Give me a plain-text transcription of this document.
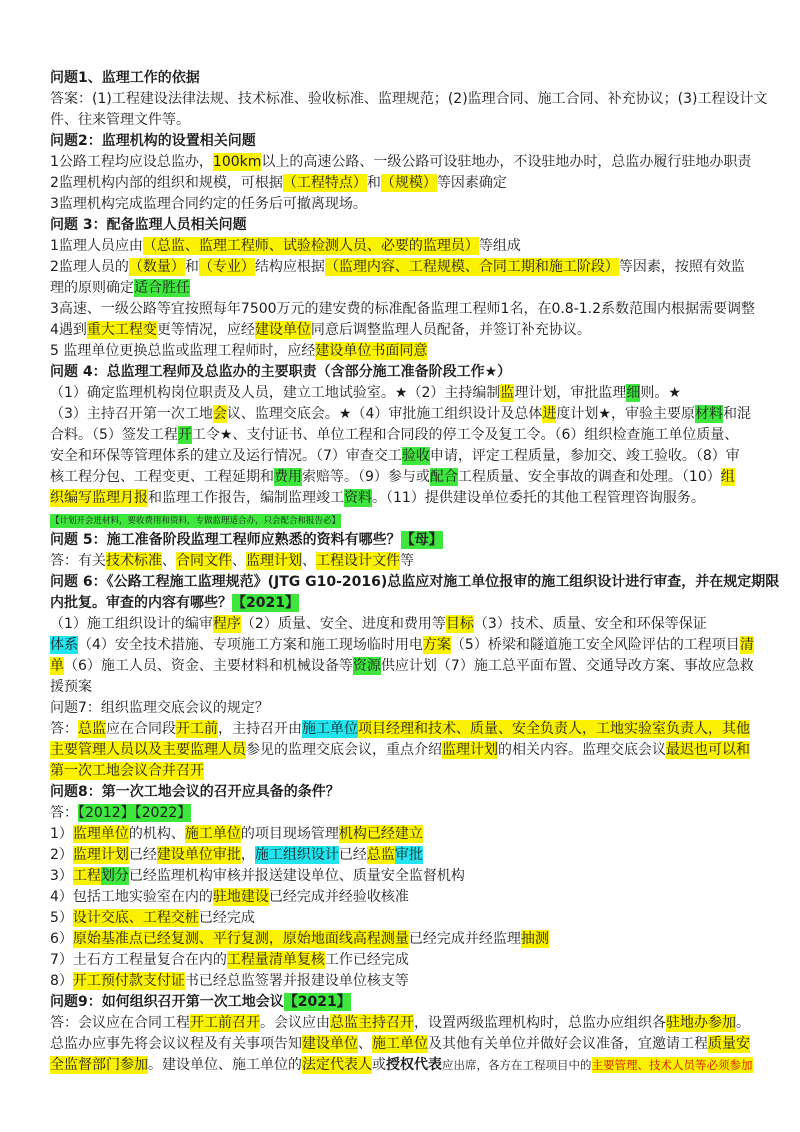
问题1、监理工作的依据
答案：(1)工程建设法律法规、技术标准、验收标准、监理规范；(2)监理合同、施工合同、补充协议；(3)工程设计文
件、往来管理文件等。
问题2：监理机构的设置相关问题
1公路工程均应设总监办，100km以上的高速公路、一级公路可设驻地办，不设驻地办时，总监办履行驻地办职责
2监理机构内部的组织和规模，可根据（工程特点）和（规模）等因素确定
3监理机构完成监理合同约定的任务后可撤离现场。
问题 3：配备监理人员相关问题
1监理人员应由（总监、监理工程师、试验检测人员、必要的监理员）等组成
2监理人员的（数量）和（专业）结构应根据（监理内容、工程规模、合同工期和施工阶段）等因素，按照有效监
理的原则确定适合胜任
3高速、一级公路等宜按照每年7500万元的建安费的标准配备监理工程师1名，在0.8-1.2系数范围内根据需要调整
4遇到重大工程变更等情况，应经建设单位同意后调整监理人员配备，并签订补充协议。
5 监理单位更换总监或监理工程师时，应经建设单位书面同意
问题 4：总监理工程师及总监办的主要职责（含部分施工准备阶段工作★）
（1）确定监理机构岗位职责及人员，建立工地试验室。★（2）主持编制监理计划，审批监理细则。★
（3）主持召开第一次工地会议、监理交底会。★（4）审批施工组织设计及总体进度计划★，审验主要原材料和混
合料。（5）签发工程开工令★、支付证书、单位工程和合同段的停工令及复工令。（6）组织检查施工单位质量、
安全和环保等管理体系的建立及运行情况。（7）审查交工验收申请，评定工程质量，参加交、竣工验收。（8）审
核工程分包、工程变更、工程延期和费用索赔等。（9）参与或配合工程质量、安全事故的调查和处理。（10）组
织编写监理月报和监理工作报告，编制监理竣工资料。（11）提供建设单位委托的其他工程管理咨询服务。
【计划开会进材料，要收费用和资料，专做监理适合办，只会配合和报告必】
问题 5：施工准备阶段监理工程师应熟悉的资料有哪些？【母】
答：有关技术标准、合同文件、监理计划、工程设计文件等
问题 6：《公路工程施工监理规范》(JTG G10-2016)总监应对施工单位报审的施工组织设计进行审查，并在规定期限
内批复。审查的内容有哪些？【2021】
（1）施工组织设计的编审程序（2）质量、安全、进度和费用等目标（3）技术、质量、安全和环保等保证
体系（4）安全技术措施、专项施工方案和施工现场临时用电方案（5）桥梁和隧道施工安全风险评估的工程项目清
单（6）施工人员、资金、主要材料和机械设备等资源供应计划（7）施工总平面布置、交通导改方案、事故应急救
援预案
问题7：组织监理交底会议的规定？
答：总监应在合同段开工前，主持召开由施工单位项目经理和技术、质量、安全负责人，工地实验室负责人，其他
主要管理人员以及主要监理人员参见的监理交底会议，重点介绍监理计划的相关内容。监理交底会议最迟也可以和
第一次工地会议合并召开
问题8：第一次工地会议的召开应具备的条件？
答：【2012】【2022】
1）监理单位的机构、施工单位的项目现场管理机构已经建立
2）监理计划已经建设单位审批，施工组织设计已经总监审批
3）工程划分已经监理机构审核并报送建设单位、质量安全监督机构
4）包括工地实验室在内的驻地建设已经完成并经验收核准
5）设计交底、工程交桩已经完成
6）原始基准点已经复测、平行复测，原始地面线高程测量已经完成并经监理抽测
7）土石方工程量复合在内的工程量清单复核工作已经完成
8）开工预付款支付证书已经总监签署并报建设单位核支等
问题9：如何组织召开第一次工地会议【2021】
答：会议应在合同工程开工前召开。会议应由总监主持召开，设置两级监理机构时，总监办应组织各驻地办参加。
总监办应事先将会议议程及有关事项告知建设单位、施工单位及其他有关单位并做好会议准备，宜邀请工程质量安
全监督部门参加。建设单位、施工单位的法定代表人或授权代表应出席，各方在工程项目中的主要管理、技术人员等必须参加
